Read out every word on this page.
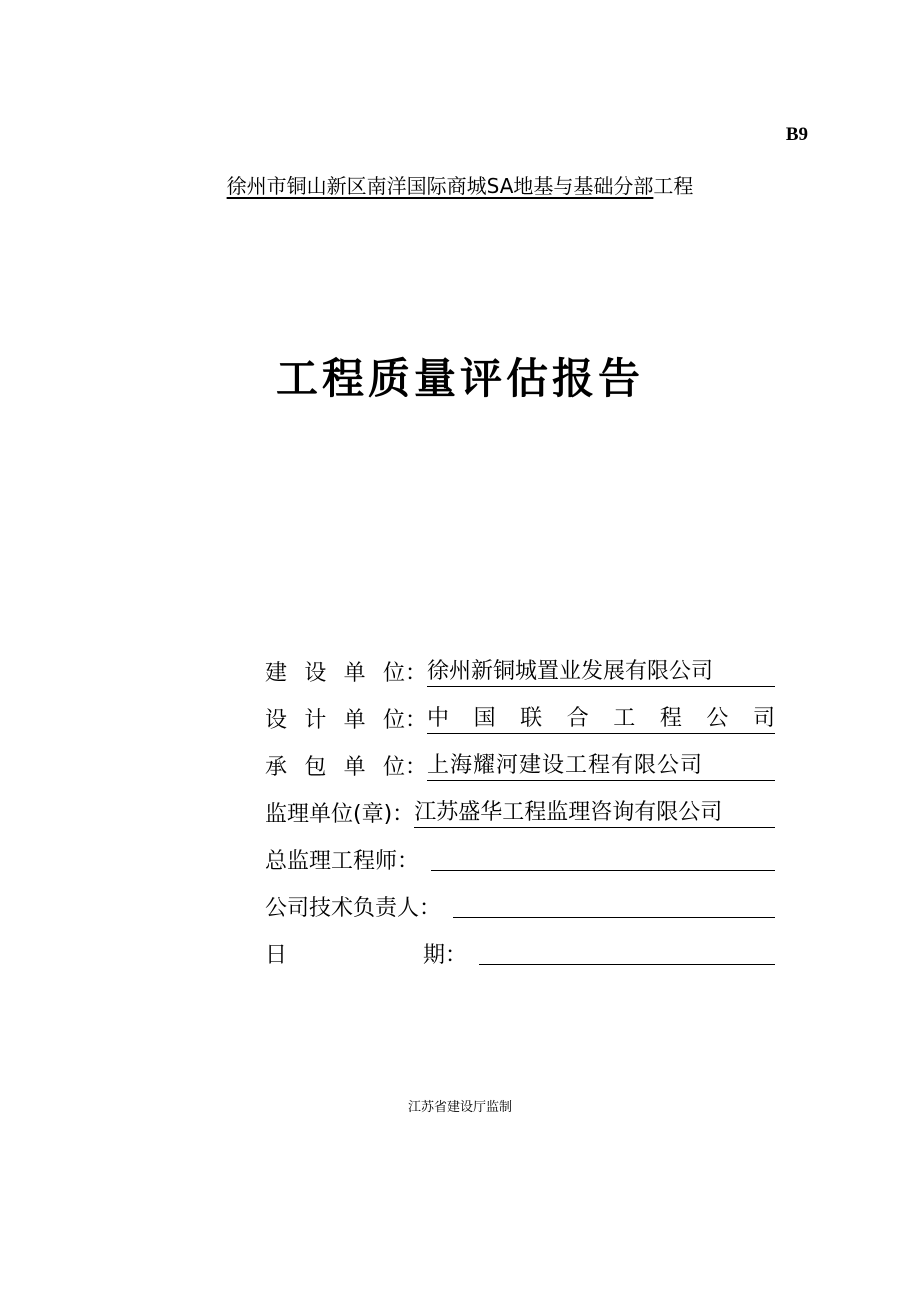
B9
徐州市铜山新区南洋国际商城SA地基与基础分部工程
工程质量评估报告
建 设 单 位 ： 徐州新铜城置业发展有限公司
设 计 单 位 ： 中 国 联 合 工 程 公 司
承 包 单 位 ： 上海耀河建设工程有限公司
监理单位(章) ： 江苏盛华工程监理咨询有限公司
总监理工程师 ：
公司技术负责人 ：
日	期 ：
江苏省建设厅监制
